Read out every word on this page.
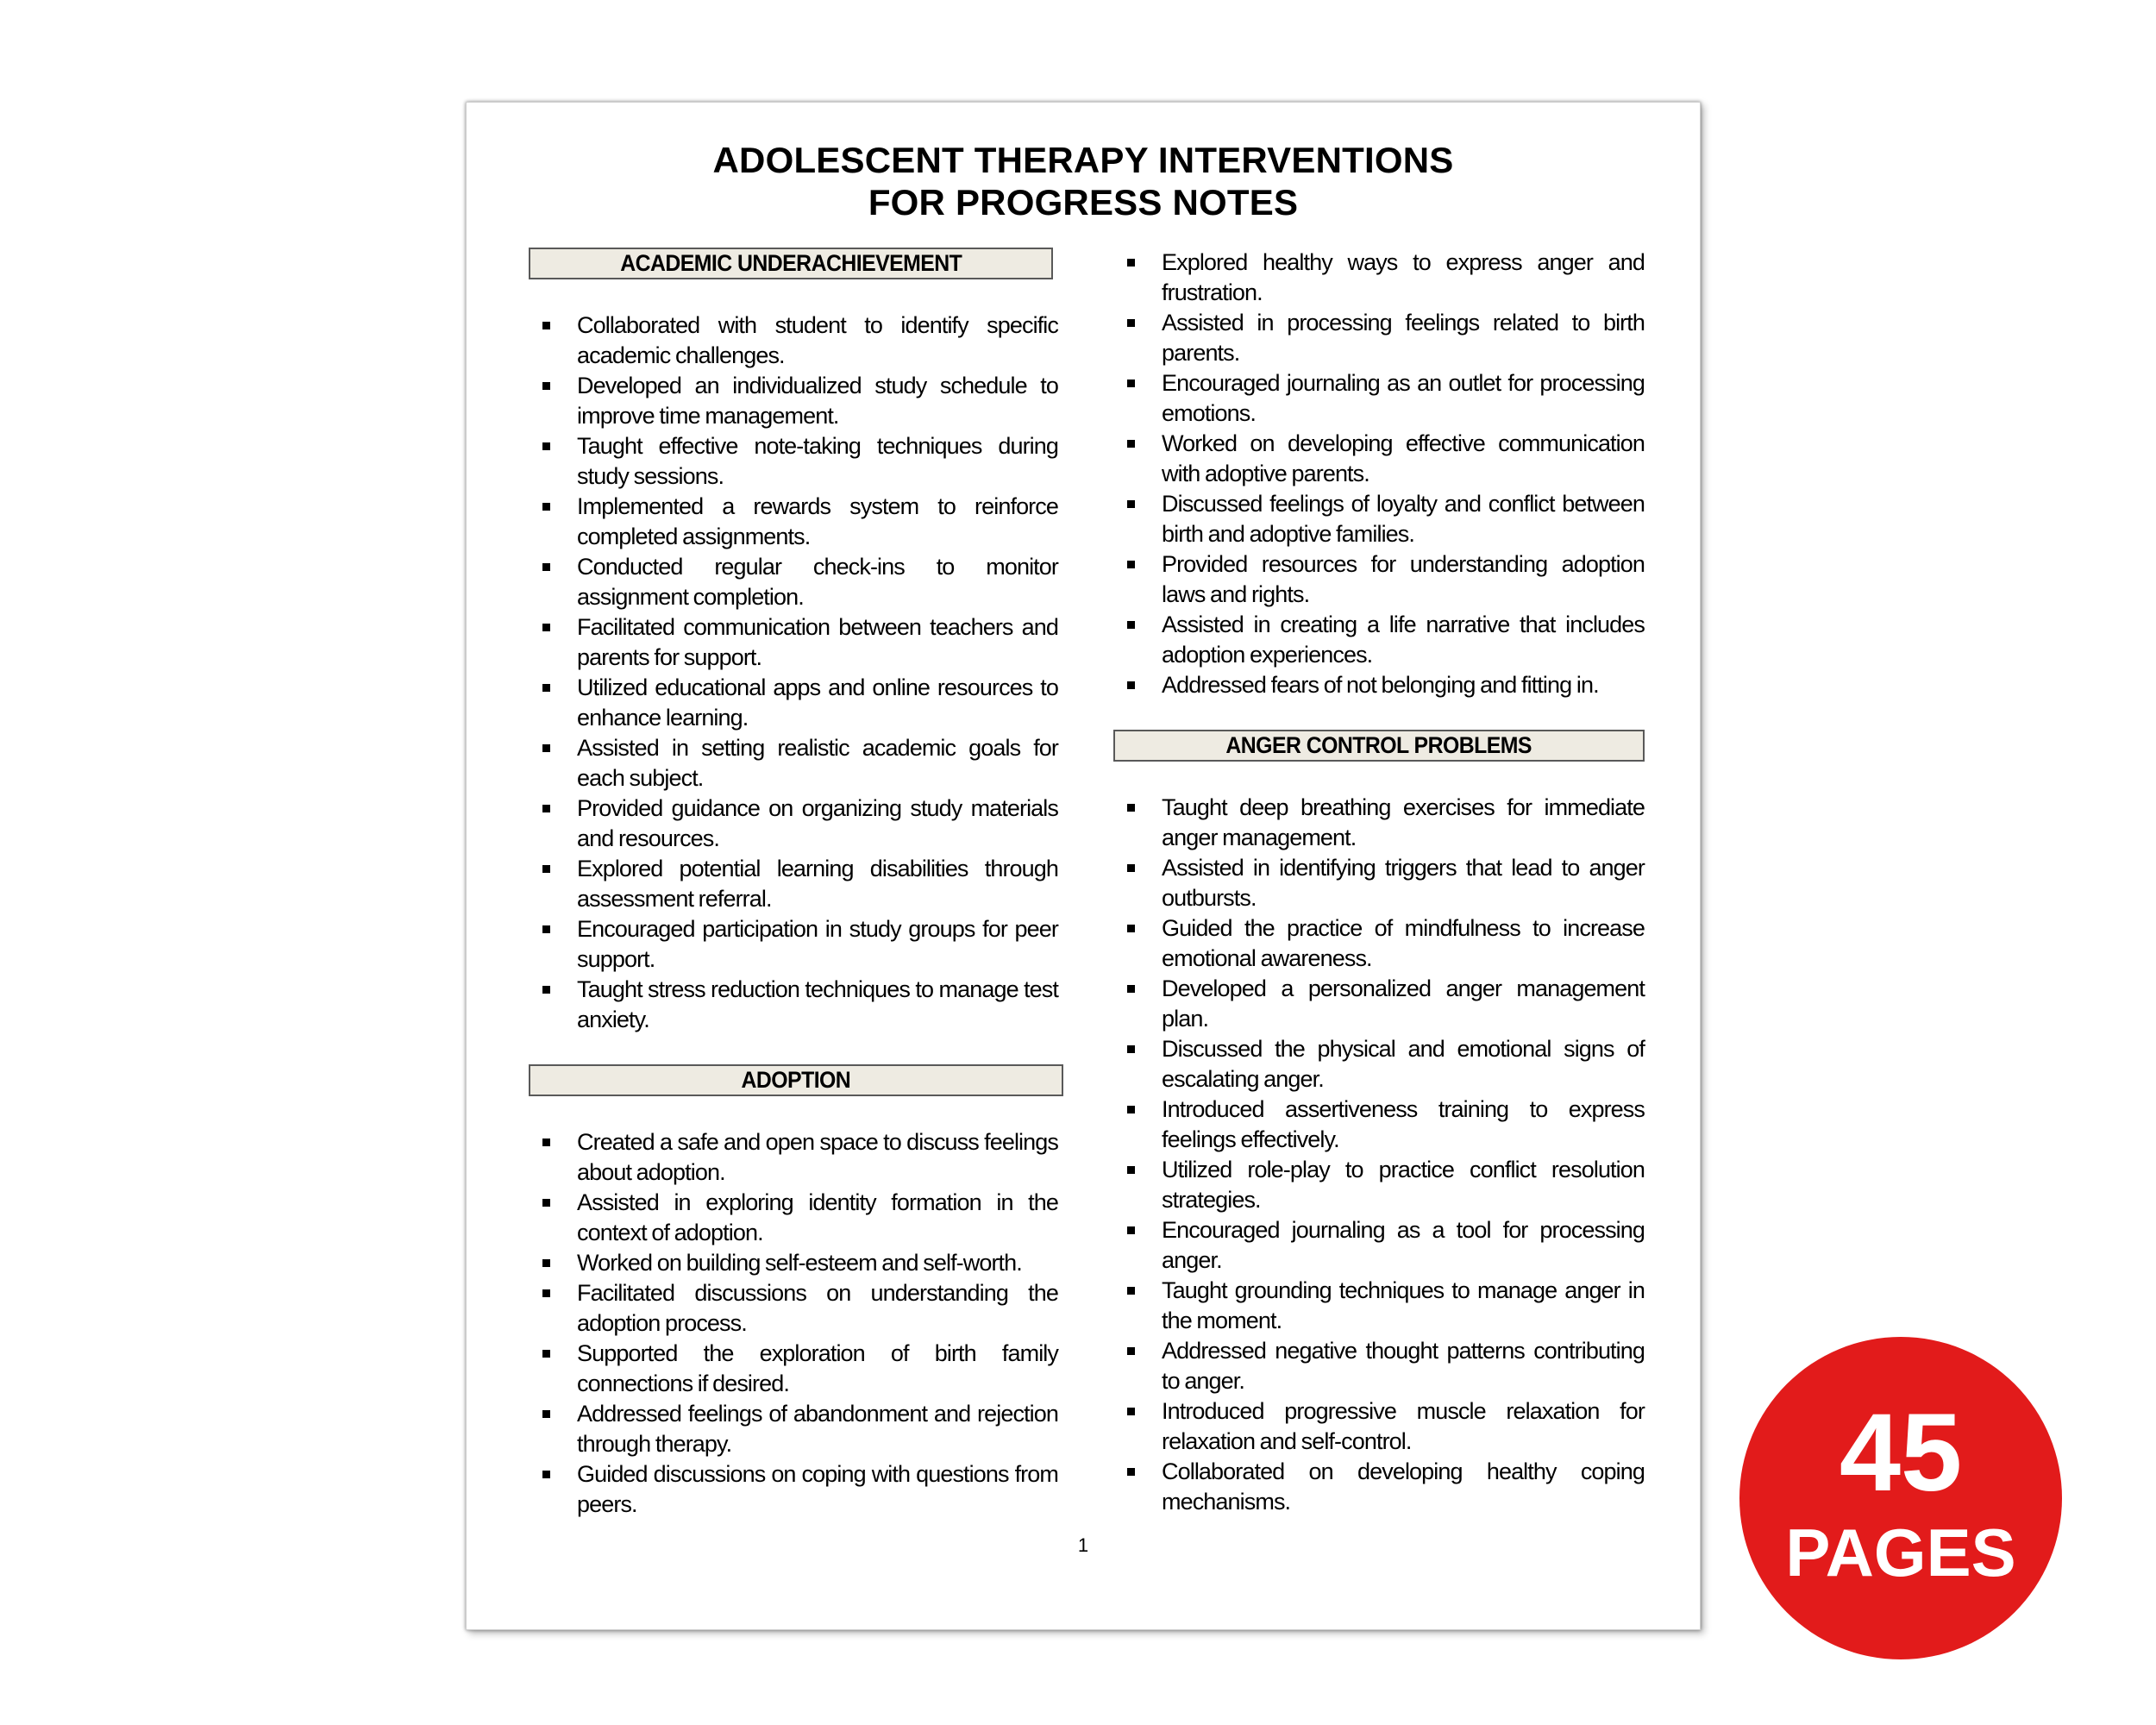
ADOLESCENT THERAPY INTERVENTIONS
FOR PROGRESS NOTES
ACADEMIC UNDERACHIEVEMENT
Collaborated with student to identify specific academic challenges.
Developed an individualized study schedule to improve time management.
Taught effective note-taking techniques during study sessions.
Implemented a rewards system to reinforce completed assignments.
Conducted regular check-ins to monitor assignment completion.
Facilitated communication between teachers and parents for support.
Utilized educational apps and online resources to enhance learning.
Assisted in setting realistic academic goals for each subject.
Provided guidance on organizing study materials and resources.
Explored potential learning disabilities through assessment referral.
Encouraged participation in study groups for peer support.
Taught stress reduction techniques to manage test anxiety.
ADOPTION
Created a safe and open space to discuss feelings about adoption.
Assisted in exploring identity formation in the context of adoption.
Worked on building self-esteem and self-worth.
Facilitated discussions on understanding the adoption process.
Supported the exploration of birth family connections if desired.
Addressed feelings of abandonment and rejection through therapy.
Guided discussions on coping with questions from peers.
Explored healthy ways to express anger and frustration.
Assisted in processing feelings related to birth parents.
Encouraged journaling as an outlet for processing emotions.
Worked on developing effective communication with adoptive parents.
Discussed feelings of loyalty and conflict between birth and adoptive families.
Provided resources for understanding adoption laws and rights.
Assisted in creating a life narrative that includes adoption experiences.
Addressed fears of not belonging and fitting in.
ANGER CONTROL PROBLEMS
Taught deep breathing exercises for immediate anger management.
Assisted in identifying triggers that lead to anger outbursts.
Guided the practice of mindfulness to increase emotional awareness.
Developed a personalized anger management plan.
Discussed the physical and emotional signs of escalating anger.
Introduced assertiveness training to express feelings effectively.
Utilized role-play to practice conflict resolution strategies.
Encouraged journaling as a tool for processing anger.
Taught grounding techniques to manage anger in the moment.
Addressed negative thought patterns contributing to anger.
Introduced progressive muscle relaxation for relaxation and self-control.
Collaborated on developing healthy coping mechanisms.
1
45
PAGES
